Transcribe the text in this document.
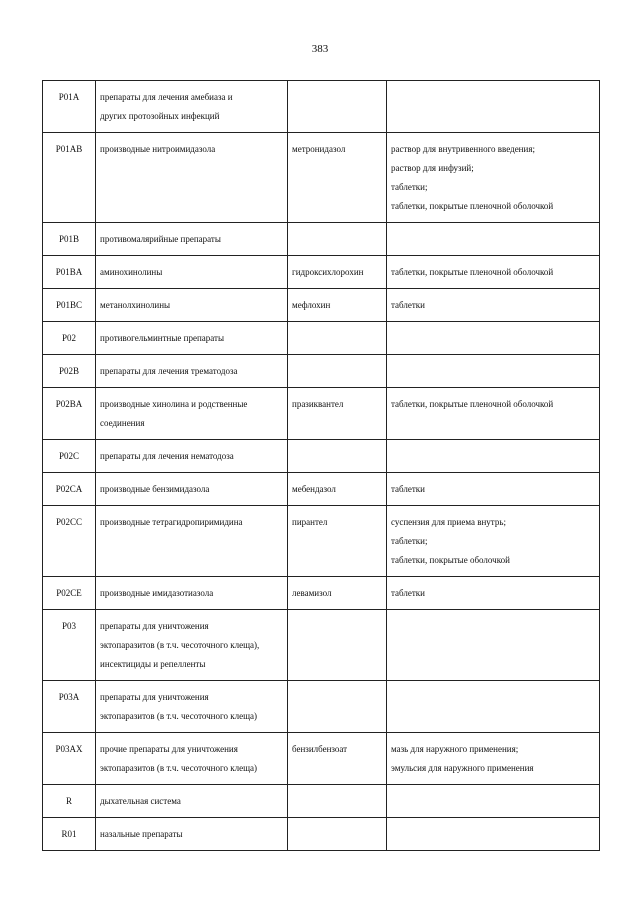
383
P01A	препараты для лечения амебиаза и
других протозойных инфекций		

P01AB	производные нитроимидазола	метронидазол	раствор для внутривенного введения;
раствор для инфузий;
таблетки;
таблетки, покрытые пленочной оболочкой

P01B	противомалярийные препараты		

P01BA	аминохинолины	гидроксихлорохин	таблетки, покрытые пленочной оболочкой

P01BC	метанолхинолины	мефлохин	таблетки

P02	противогельминтные препараты		

P02B	препараты для лечения трематодоза		

P02BA	производные хинолина и родственные
соединения	празиквантел	таблетки, покрытые пленочной оболочкой

P02C	препараты для лечения нематодоза		

P02CA	производные бензимидазола	мебендазол	таблетки

P02CC	производные тетрагидропиримидина	пирантел	суспензия для приема внутрь;
таблетки;
таблетки, покрытые оболочкой

P02CE	производные имидазотиазола	левамизол	таблетки

P03	препараты для уничтожения
эктопаразитов (в т.ч. чесоточного клеща),
инсектициды и репелленты		

P03A	препараты для уничтожения
эктопаразитов (в т.ч. чесоточного клеща)		

P03AX	прочие препараты для уничтожения
эктопаразитов (в т.ч. чесоточного клеща)	бензилбензоат	мазь для наружного применения;
эмульсия для наружного применения

R	дыхательная система		

R01	назальные препараты		
